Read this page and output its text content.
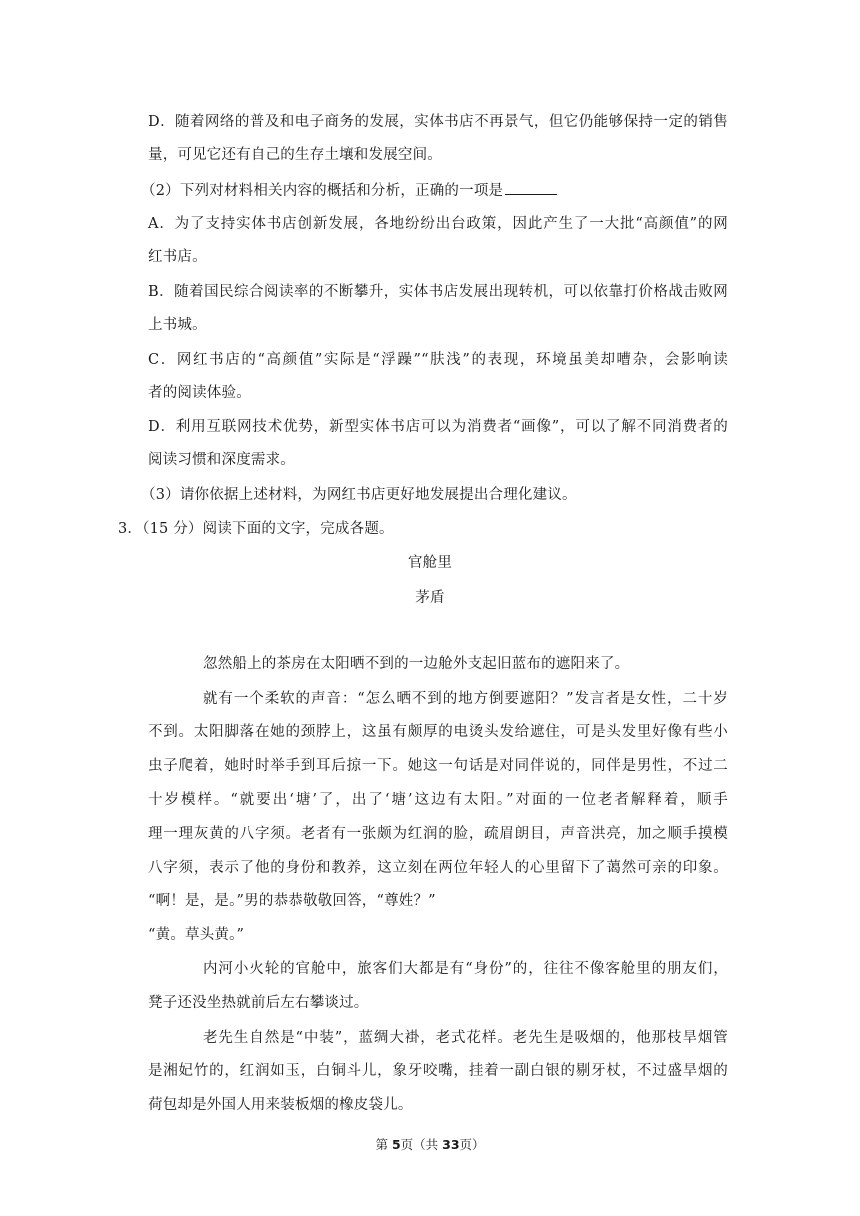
D．随着网络的普及和电子商务的发展，实体书店不再景气，但它仍能够保持一定的销售
量，可见它还有自己的生存土壤和发展空间。
（2）下列对材料相关内容的概括和分析，正确的一项是
A．为了支持实体书店创新发展，各地纷纷出台政策，因此产生了一大批“高颜值”的网
红书店。
B．随着国民综合阅读率的不断攀升，实体书店发展出现转机，可以依靠打价格战击败网
上书城。
C．网红书店的“高颜值”实际是“浮躁”“肤浅”的表现，环境虽美却嘈杂，会影响读
者的阅读体验。
D．利用互联网技术优势，新型实体书店可以为消费者“画像”，可以了解不同消费者的
阅读习惯和深度需求。
（3）请你依据上述材料，为网红书店更好地发展提出合理化建议。
3．（15 分）阅读下面的文字，完成各题。
官舱里
茅盾
忽然船上的茶房在太阳晒不到的一边舱外支起旧蓝布的遮阳来了。
就有一个柔软的声音：“怎么晒不到的地方倒要遮阳？”发言者是女性，二十岁
不到。太阳脚落在她的颈脖上，这虽有颇厚的电烫头发给遮住，可是头发里好像有些小
虫子爬着，她时时举手到耳后掠一下。她这一句话是对同伴说的，同伴是男性，不过二
十岁模样。“就要出‘塘’了，出了‘塘’这边有太阳。”对面的一位老者解释着，顺手
理一理灰黄的八字须。老者有一张颇为红润的脸，疏眉朗目，声音洪亮，加之顺手摸模
八字须，表示了他的身份和教养，这立刻在两位年轻人的心里留下了蔼然可亲的印象。
“啊！是，是。”男的恭恭敬敬回答，“尊姓？”
“黄。草头黄。”
内河小火轮的官舱中，旅客们大都是有“身份”的，往往不像客舱里的朋友们，
凳子还没坐热就前后左右攀谈过。
老先生自然是“中装”，蓝绸大褂，老式花样。老先生是吸烟的，他那枝旱烟管
是湘妃竹的，红润如玉，白铜斗儿，象牙咬嘴，挂着一副白银的剔牙杖，不过盛旱烟的
荷包却是外国人用来装板烟的橡皮袋儿。
第 5页（共 33页）
